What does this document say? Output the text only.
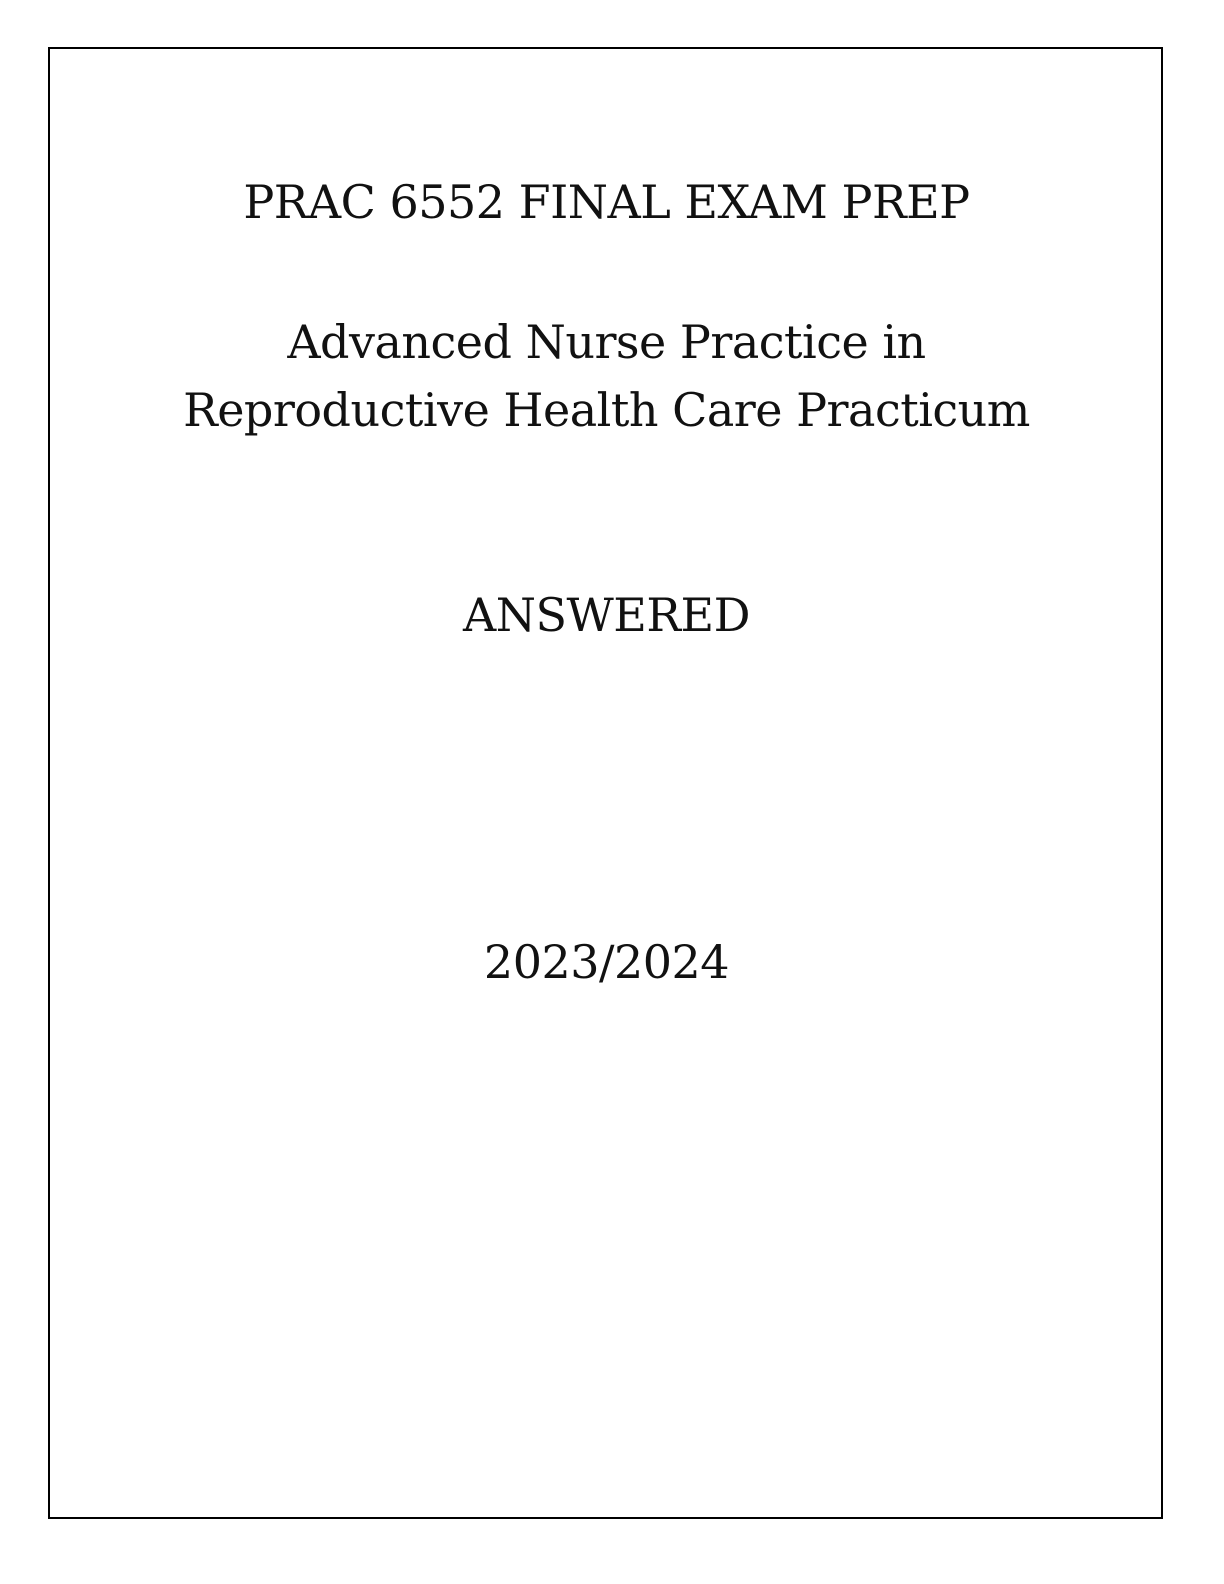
PRAC 6552 FINAL EXAM PREP
Advanced Nurse Practice in
Reproductive Health Care Practicum
ANSWERED
2023/2024
